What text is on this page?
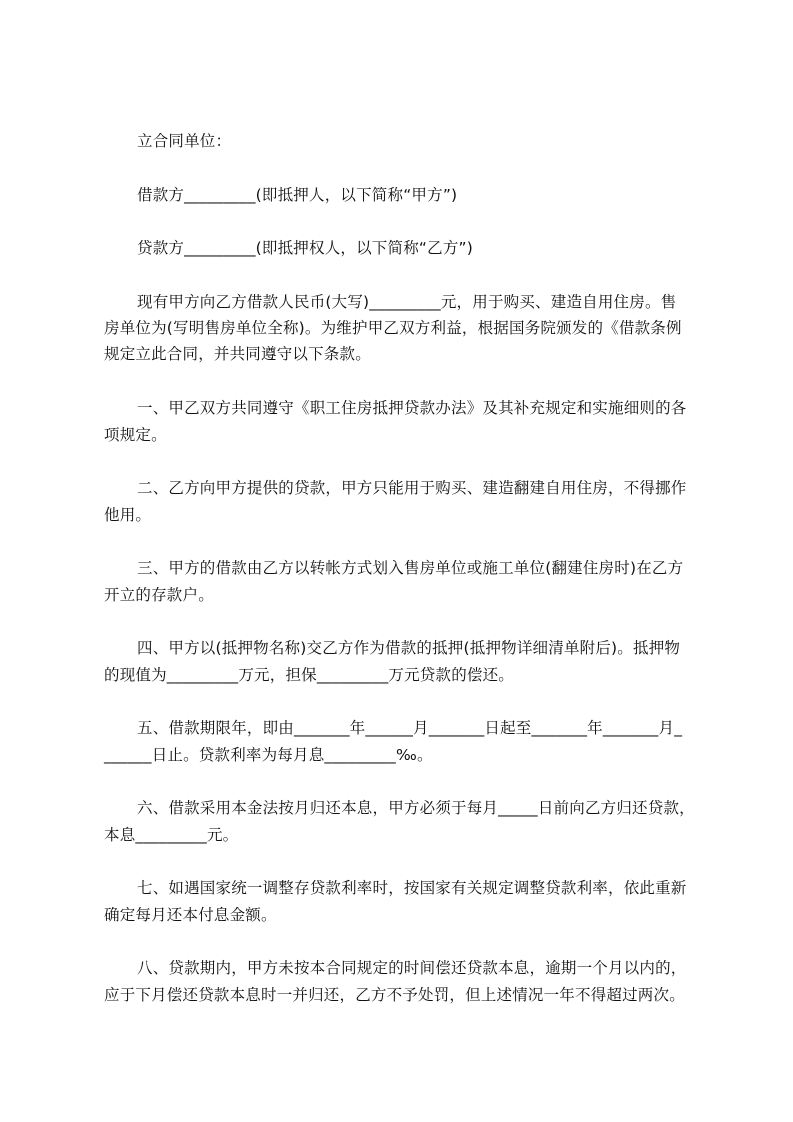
立合同单位：
借款方_________(即抵押人，以下简称“甲方”)
贷款方_________(即抵押权人，以下简称“乙方”)
现有甲方向乙方借款人民币(大写)_________元，用于购买、建造自用住房。售
房单位为(写明售房单位全称)。为维护甲乙双方利益，根据国务院颁发的《借款条例
规定立此合同，并共同遵守以下条款。
一、甲乙双方共同遵守《职工住房抵押贷款办法》及其补充规定和实施细则的各
项规定。
二、乙方向甲方提供的贷款，甲方只能用于购买、建造翻建自用住房，不得挪作
他用。
三、甲方的借款由乙方以转帐方式划入售房单位或施工单位(翻建住房时)在乙方
开立的存款户。
四、甲方以(抵押物名称)交乙方作为借款的抵押(抵押物详细清单附后)。抵押物
的现值为_________万元，担保_________万元贷款的偿还。
五、借款期限年，即由_______年______月_______日起至_______年_______月_
______日止。贷款利率为每月息_________‰。
六、借款采用本金法按月归还本息，甲方必须于每月_____日前向乙方归还贷款，
本息_________元。
七、如遇国家统一调整存贷款利率时，按国家有关规定调整贷款利率，依此重新
确定每月还本付息金额。
八、贷款期内，甲方未按本合同规定的时间偿还贷款本息，逾期一个月以内的，
应于下月偿还贷款本息时一并归还，乙方不予处罚，但上述情况一年不得超过两次。
